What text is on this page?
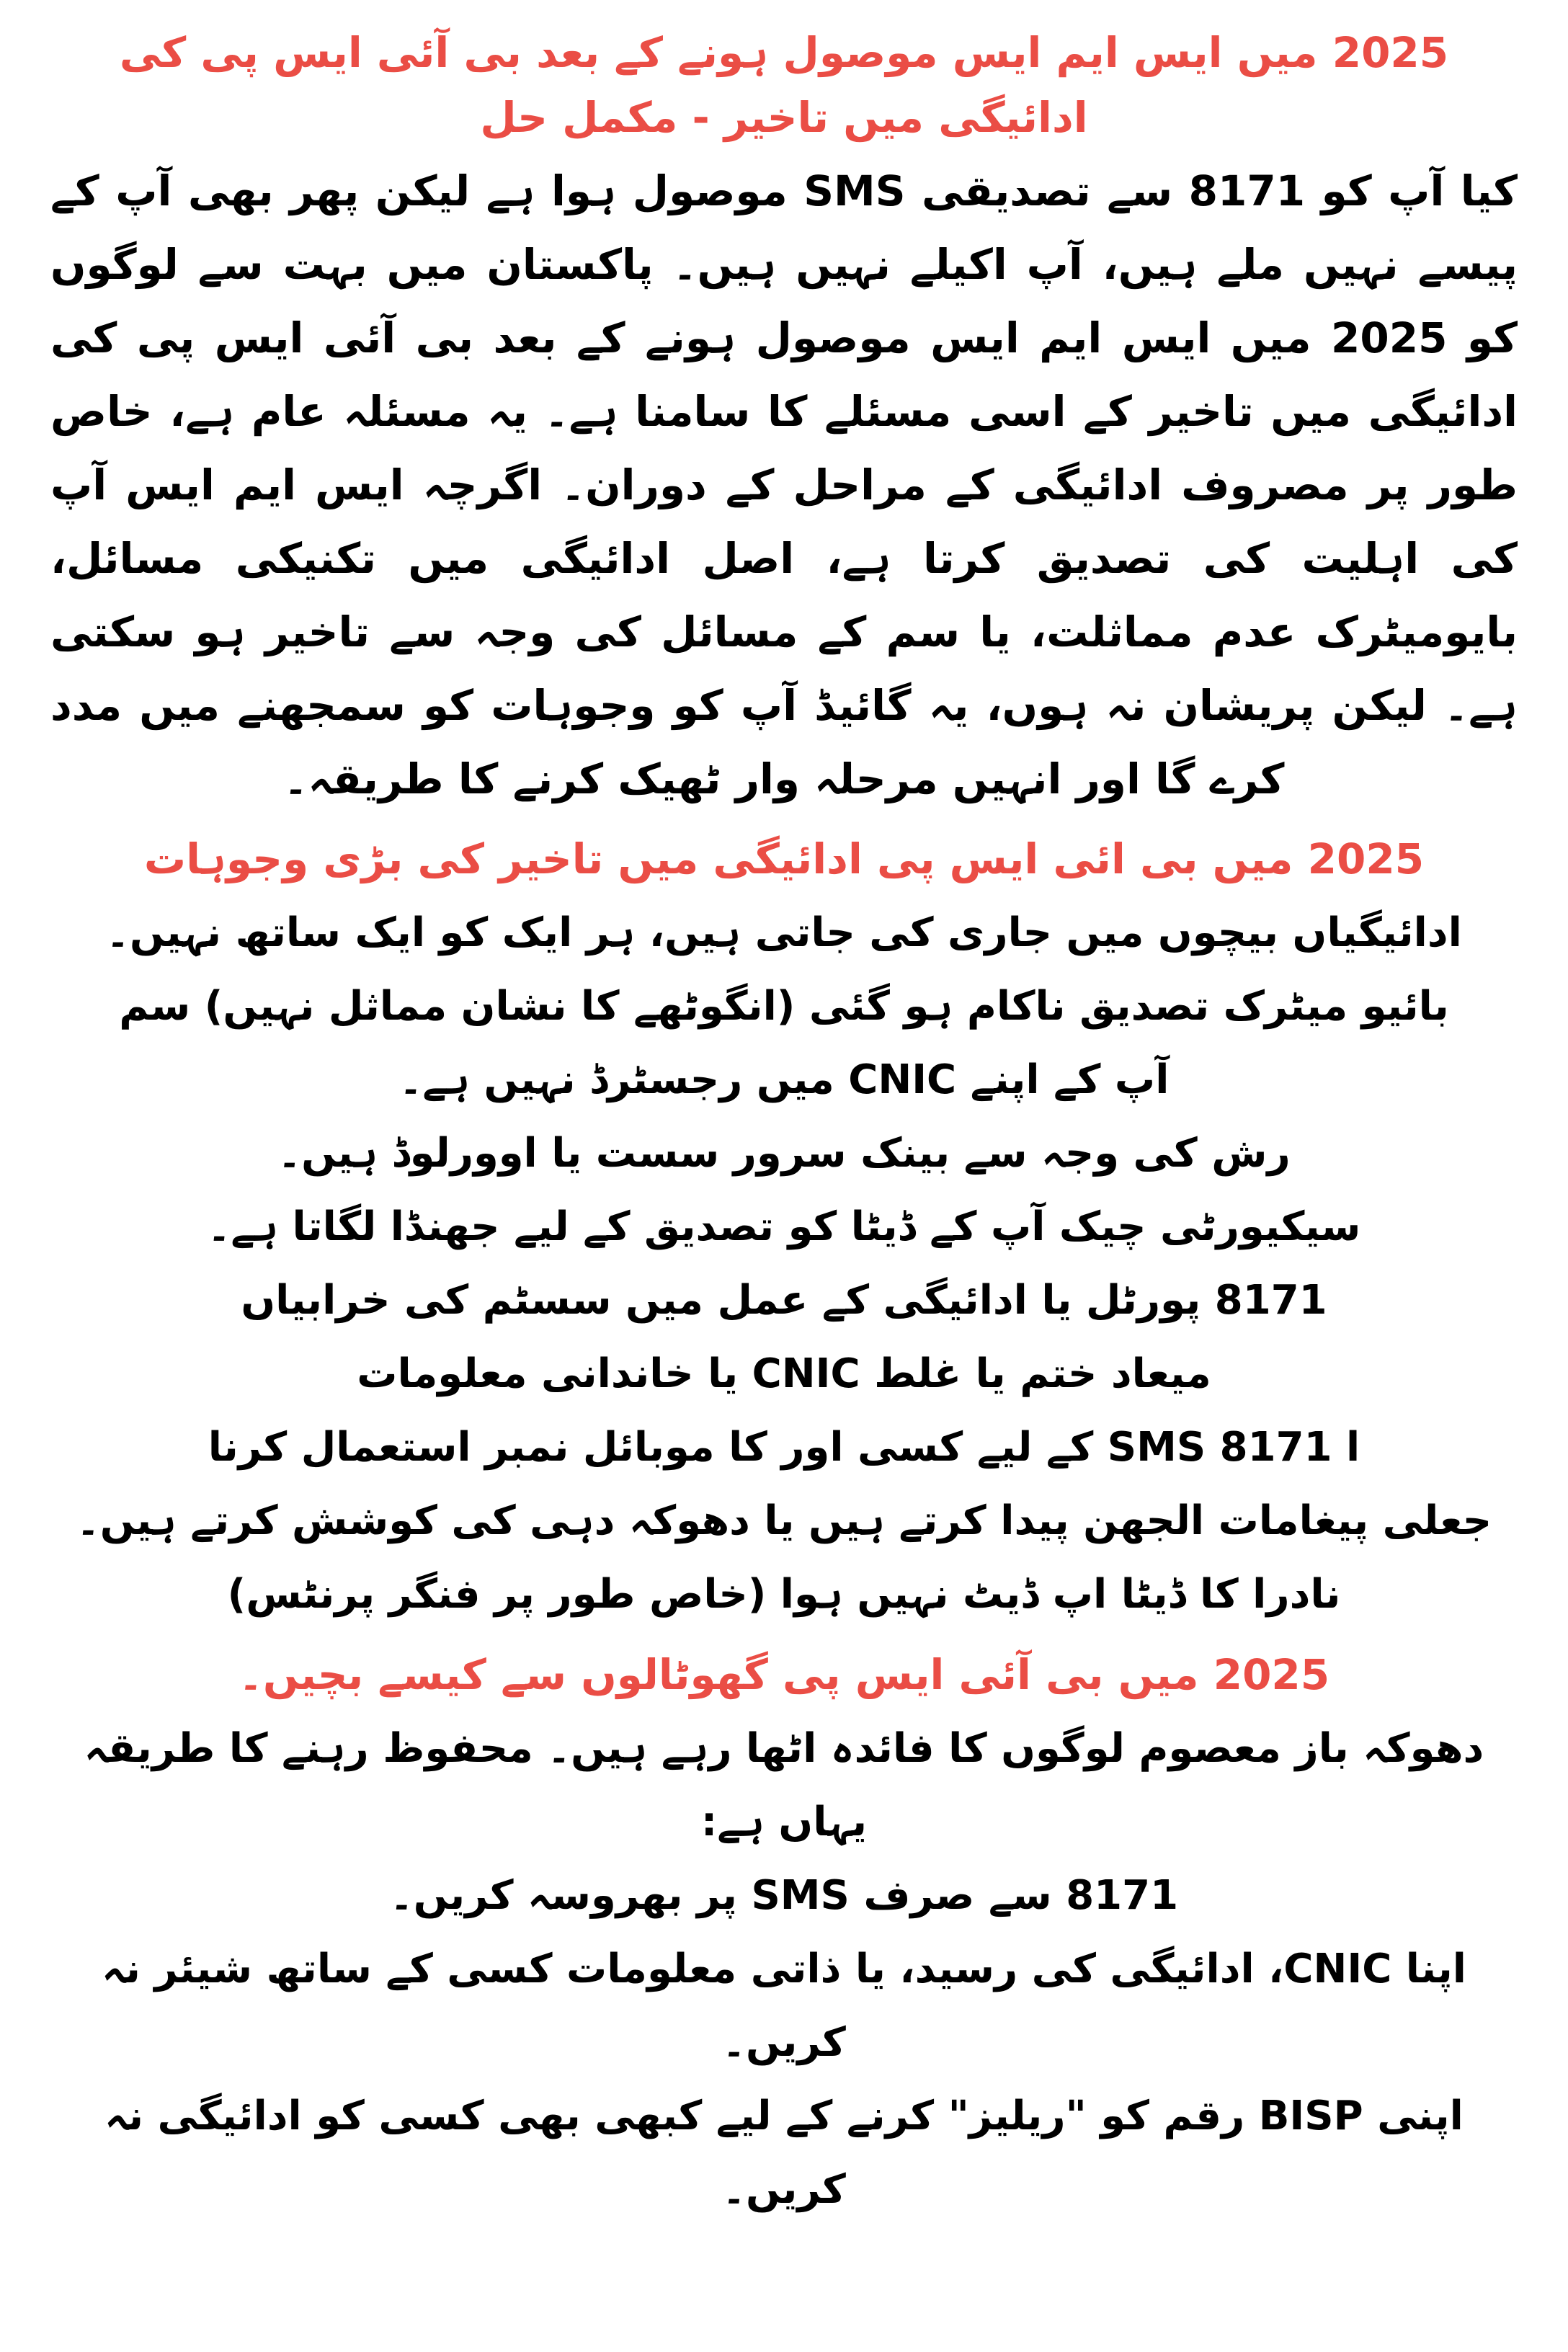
2025 میں ایس ایم ایس موصول ہونے کے بعد بی آئی ایس پی کی ادائیگی میں تاخیر - مکمل حل

کیا آپ کو 8171 سے تصدیقی SMS موصول ہوا ہے لیکن پھر بھی آپ کے پیسے نہیں ملے ہیں، آپ اکیلے نہیں ہیں۔ پاکستان میں بہت سے لوگوں کو 2025 میں ایس ایم ایس موصول ہونے کے بعد بی آئی ایس پی کی ادائیگی میں تاخیر کے اسی مسئلے کا سامنا ہے۔ یہ مسئلہ عام ہے، خاص طور پر مصروف ادائیگی کے مراحل کے دوران۔ اگرچہ ایس ایم ایس آپ کی اہلیت کی تصدیق کرتا ہے، اصل ادائیگی میں تکنیکی مسائل، بایومیٹرک عدم مماثلت، یا سم کے مسائل کی وجہ سے تاخیر ہو سکتی ہے۔ لیکن پریشان نہ ہوں، یہ گائیڈ آپ کو وجوہات کو سمجھنے میں مدد کرے گا اور انہیں مرحلہ وار ٹھیک کرنے کا طریقہ۔

2025 میں بی ائی ایس پی ادائیگی میں تاخیر کی بڑی وجوہات

ادائیگیاں بیچوں میں جاری کی جاتی ہیں، ہر ایک کو ایک ساتھ نہیں۔

بائیو میٹرک تصدیق ناکام ہو گئی (انگوٹھے کا نشان مماثل نہیں) سم آپ کے اپنے CNIC میں رجسٹرڈ نہیں ہے۔

رش کی وجہ سے بینک سرور سست یا اوورلوڈ ہیں۔

سیکیورٹی چیک آپ کے ڈیٹا کو تصدیق کے لیے جھنڈا لگاتا ہے۔

8171 پورٹل یا ادائیگی کے عمل میں سسٹم کی خرابیاں

میعاد ختم یا غلط CNIC یا خاندانی معلومات

ا SMS 8171 کے لیے کسی اور کا موبائل نمبر استعمال کرنا

جعلی پیغامات الجھن پیدا کرتے ہیں یا دھوکہ دہی کی کوشش کرتے ہیں۔

نادرا کا ڈیٹا اپ ڈیٹ نہیں ہوا (خاص طور پر فنگر پرنٹس)

2025 میں بی آئی ایس پی گھوٹالوں سے کیسے بچیں۔

دھوکہ باز معصوم لوگوں کا فائدہ اٹھا رہے ہیں۔ محفوظ رہنے کا طریقہ یہاں ہے:

8171 سے صرف SMS پر بھروسہ کریں۔

اپنا CNIC، ادائیگی کی رسید، یا ذاتی معلومات کسی کے ساتھ شیئر نہ کریں۔

اپنی BISP رقم کو "ریلیز" کرنے کے لیے کبھی بھی کسی کو ادائیگی نہ کریں۔
